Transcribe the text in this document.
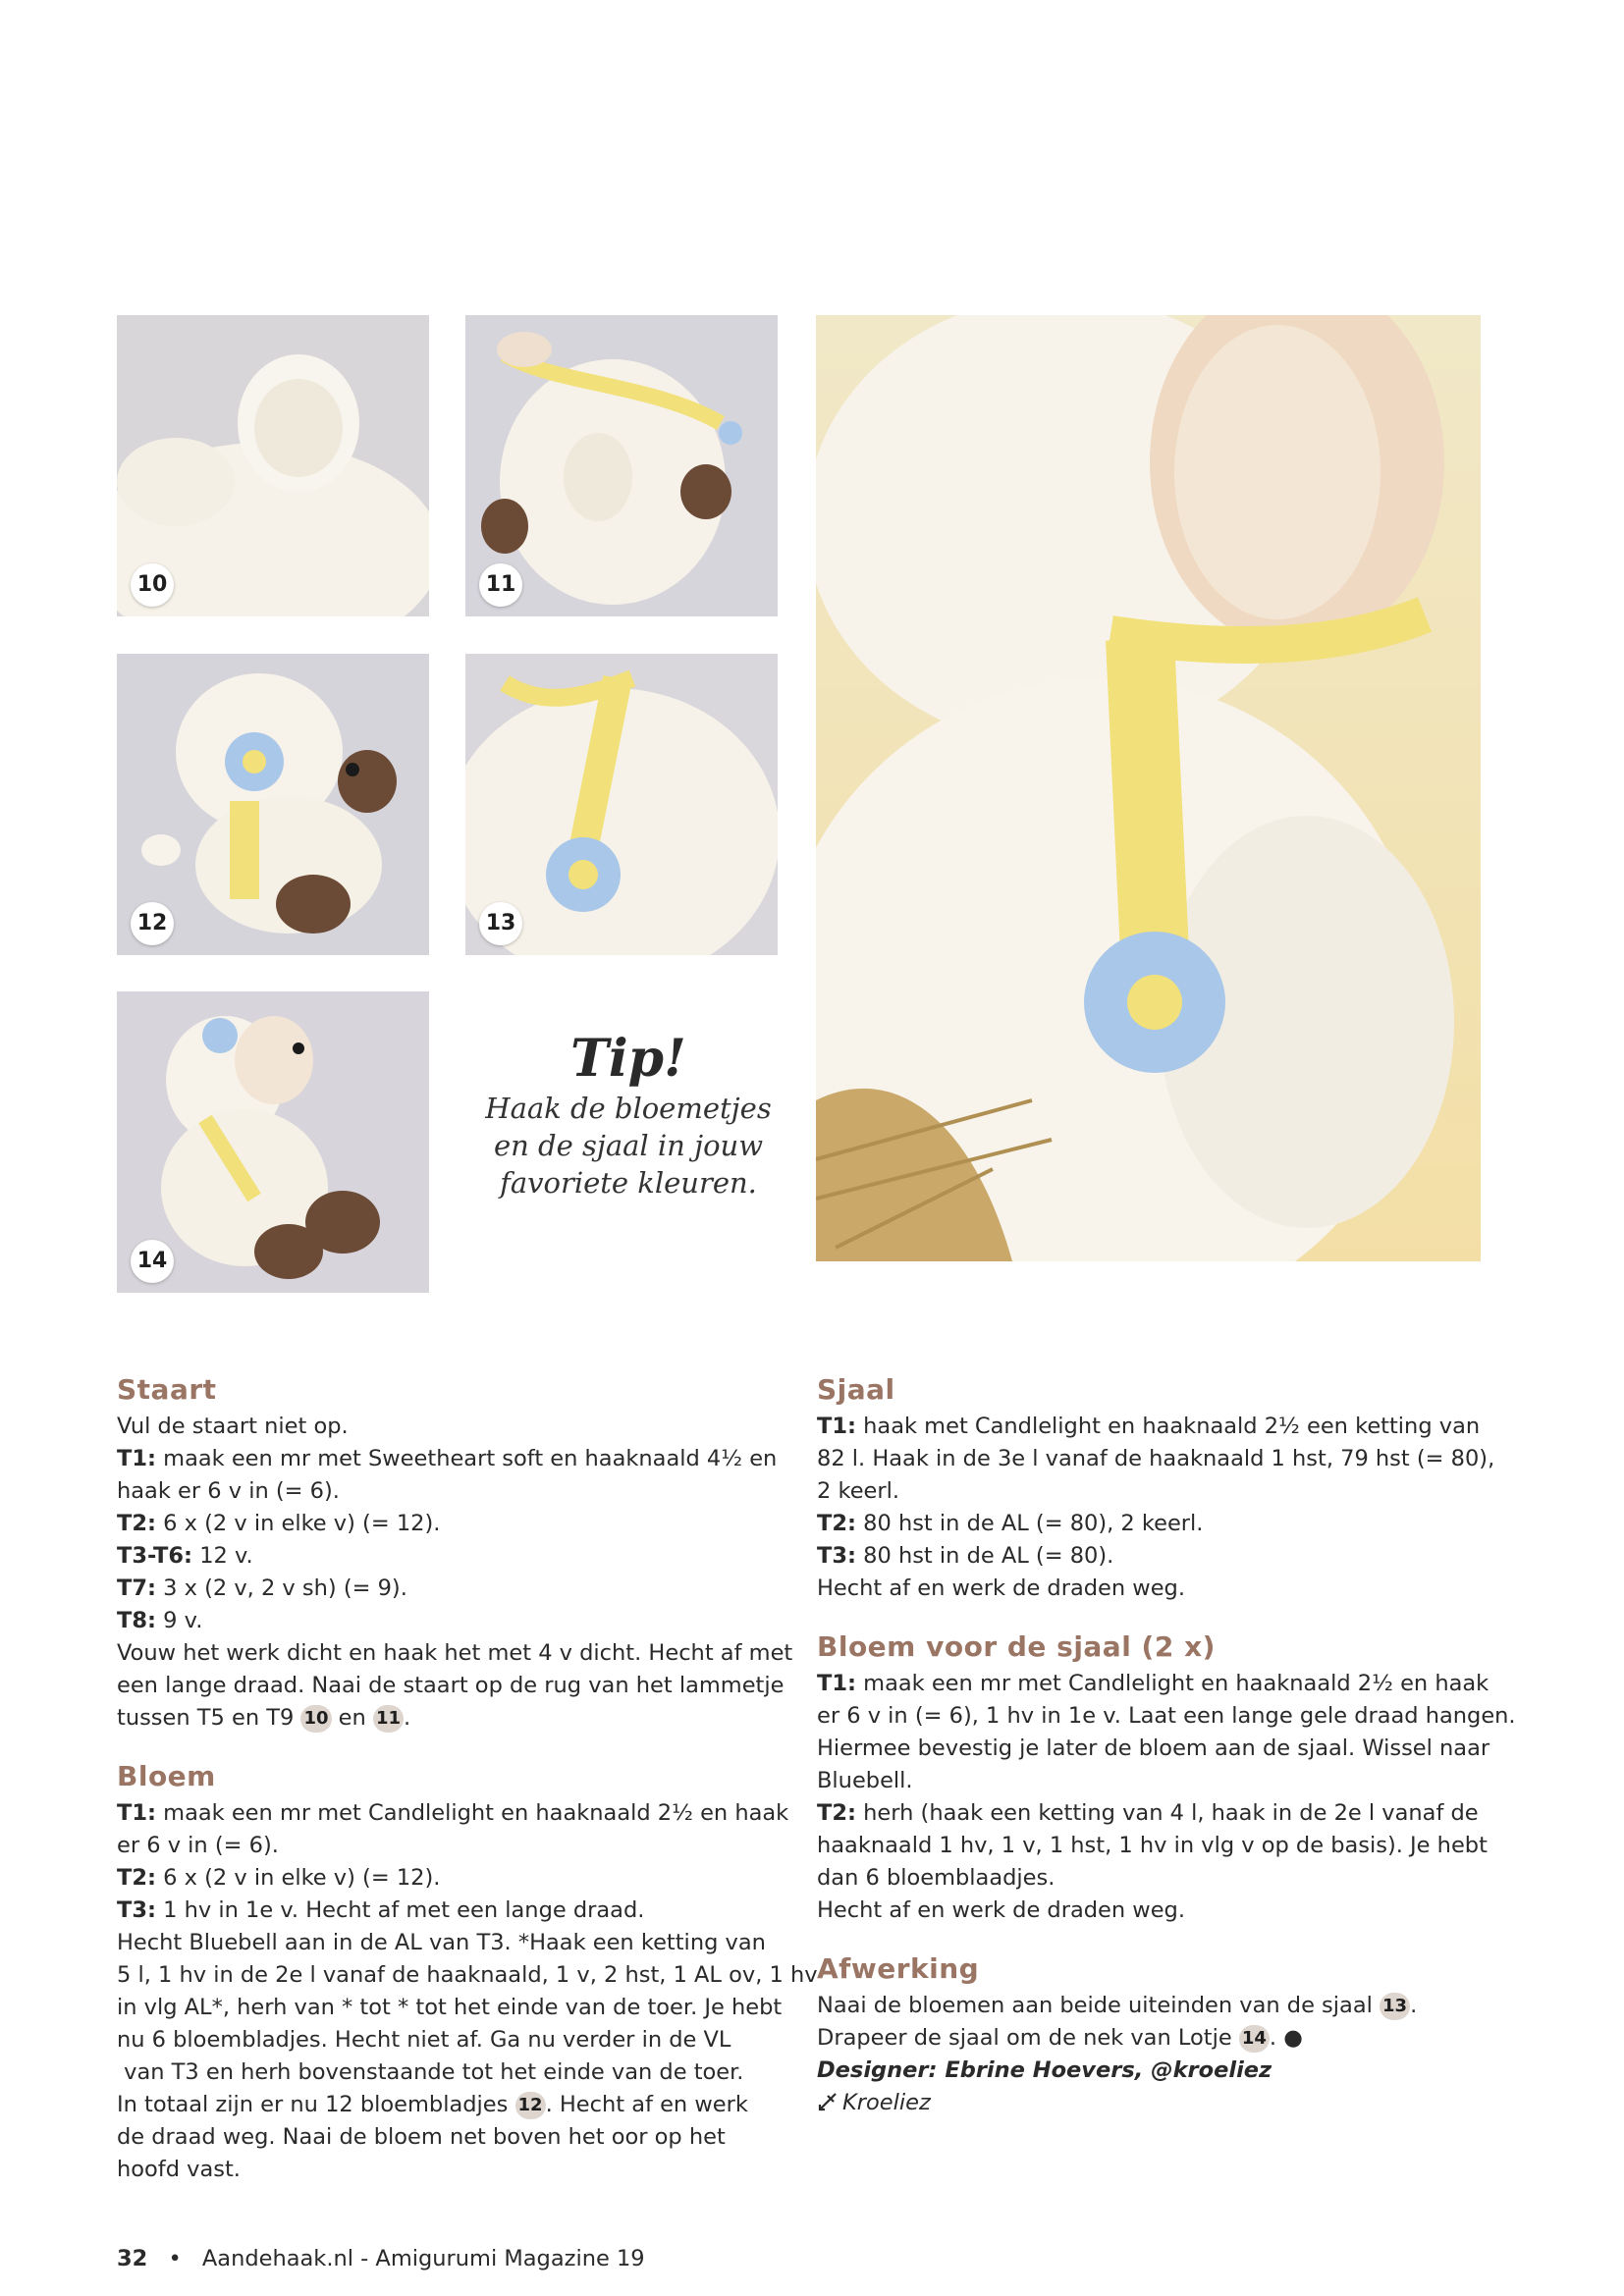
10	11
12	13
14
Tip!
Haak de bloemetjes
en de sjaal in jouw
favoriete kleuren.
Staart

Vul de staart niet op.

T1: maak een mr met Sweetheart soft en haaknaald 4½ en

haak er 6 v in (= 6).

T2: 6 x (2 v in elke v) (= 12).

T3-T6: 12 v.

T7: 3 x (2 v, 2 v sh) (= 9).

T8: 9 v.

Vouw het werk dicht en haak het met 4 v dicht. Hecht af met

een lange draad. Naai de staart op de rug van het lammetje

tussen T5 en T9 10 en 11 .

Bloem

T1: maak een mr met Candlelight en haaknaald 2½ en haak

er 6 v in (= 6).

T2: 6 x (2 v in elke v) (= 12).

T3: 1 hv in 1e v. Hecht af met een lange draad.

Hecht Bluebell aan in de AL van T3. *Haak een ketting van

5 l, 1 hv in de 2e l vanaf de haaknaald, 1 v, 2 hst, 1 AL ov, 1 hv

in vlg AL*, herh van * tot * tot het einde van de toer. Je hebt

nu 6 bloembladjes. Hecht niet af. Ga nu verder in de VL

van T3 en herh bovenstaande tot het einde van de toer.

In totaal zijn er nu 12 bloembladjes 12 . Hecht af en werk

de draad weg. Naai de bloem net boven het oor op het

hoofd vast.

Sjaal

T1: haak met Candlelight en haaknaald 2½ een ketting van

82 l. Haak in de 3e l vanaf de haaknaald 1 hst, 79 hst (= 80),

2 keerl.

T2: 80 hst in de AL (= 80), 2 keerl.

T3: 80 hst in de AL (= 80).

Hecht af en werk de draden weg.

Bloem voor de sjaal (2 x)

T1: maak een mr met Candlelight en haaknaald 2½ en haak

er 6 v in (= 6), 1 hv in 1e v. Laat een lange gele draad hangen.

Hiermee bevestig je later de bloem aan de sjaal. Wissel naar

Bluebell.

T2: herh (haak een ketting van 4 l, haak in de 2e l vanaf de

haaknaald 1 hv, 1 v, 1 hst, 1 hv in vlg v op de basis). Je hebt

dan 6 bloemblaadjes.

Hecht af en werk de draden weg.

Afwerking

Naai de bloemen aan beide uiteinden van de sjaal 13 .

Drapeer de sjaal om de nek van Lotje 14 . ●

Designer: Ebrine Hoevers, @kroeliez

Kroeliez

32 • Aandehaak.nl - Amigurumi Magazine 19
